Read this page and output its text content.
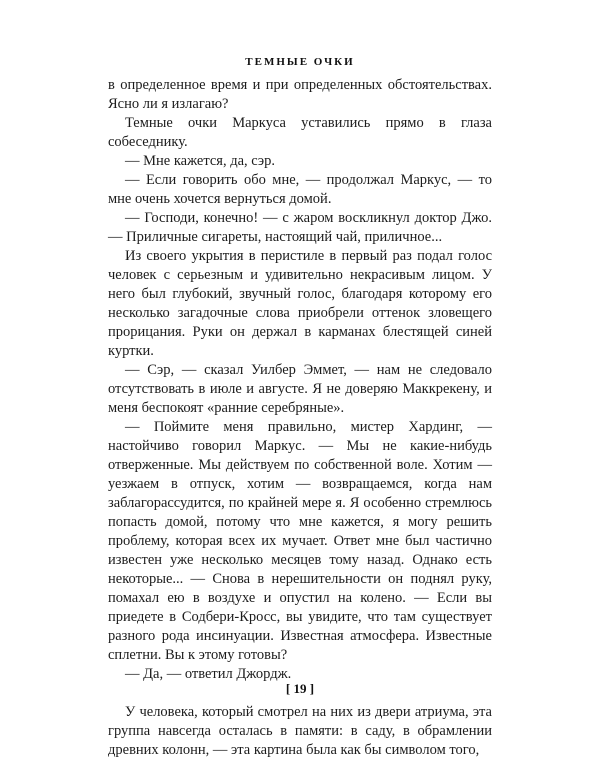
ТЕМНЫЕ ОЧКИ

в определенное время и при определенных обстоятельствах. Ясно ли я излагаю?

Темные очки Маркуса уставились прямо в глаза собеседнику.

— Мне кажется, да, сэр.

— Если говорить обо мне, — продолжал Маркус, — то мне очень хочется вернуться домой.

— Господи, конечно! — с жаром воскликнул доктор Джо. — Приличные сигареты, настоящий чай, приличное...

Из своего укрытия в перистиле в первый раз подал голос человек с серьезным и удивительно некрасивым лицом. У него был глубокий, звучный голос, благодаря которому его несколько загадочные слова приобрели оттенок зловещего прорицания. Руки он держал в карманах блестящей синей куртки.

— Сэр, — сказал Уилбер Эммет, — нам не следовало отсутствовать в июле и августе. Я не доверяю Маккрекену, и меня беспокоят «ранние серебряные».

— Поймите меня правильно, мистер Хардинг, — настойчиво говорил Маркус. — Мы не какие-нибудь отверженные. Мы действуем по собственной воле. Хотим — уезжаем в отпуск, хотим — возвращаемся, когда нам заблагорассудится, по крайней мере я. Я особенно стремлюсь попасть домой, потому что мне кажется, я могу решить проблему, которая всех их мучает. Ответ мне был частично известен уже несколько месяцев тому назад. Однако есть некоторые... — Снова в нерешительности он поднял руку, помахал ею в воздухе и опустил на колено. — Если вы приедете в Содбери-Кросс, вы увидите, что там существует разного рода инсинуации. Известная атмосфера. Известные сплетни. Вы к этому готовы?

— Да, — ответил Джордж.

У человека, который смотрел на них из двери атриума, эта группа навсегда осталась в памяти: в саду, в обрамлении древних колонн, — эта картина была как бы символом того,

[ 19 ]
